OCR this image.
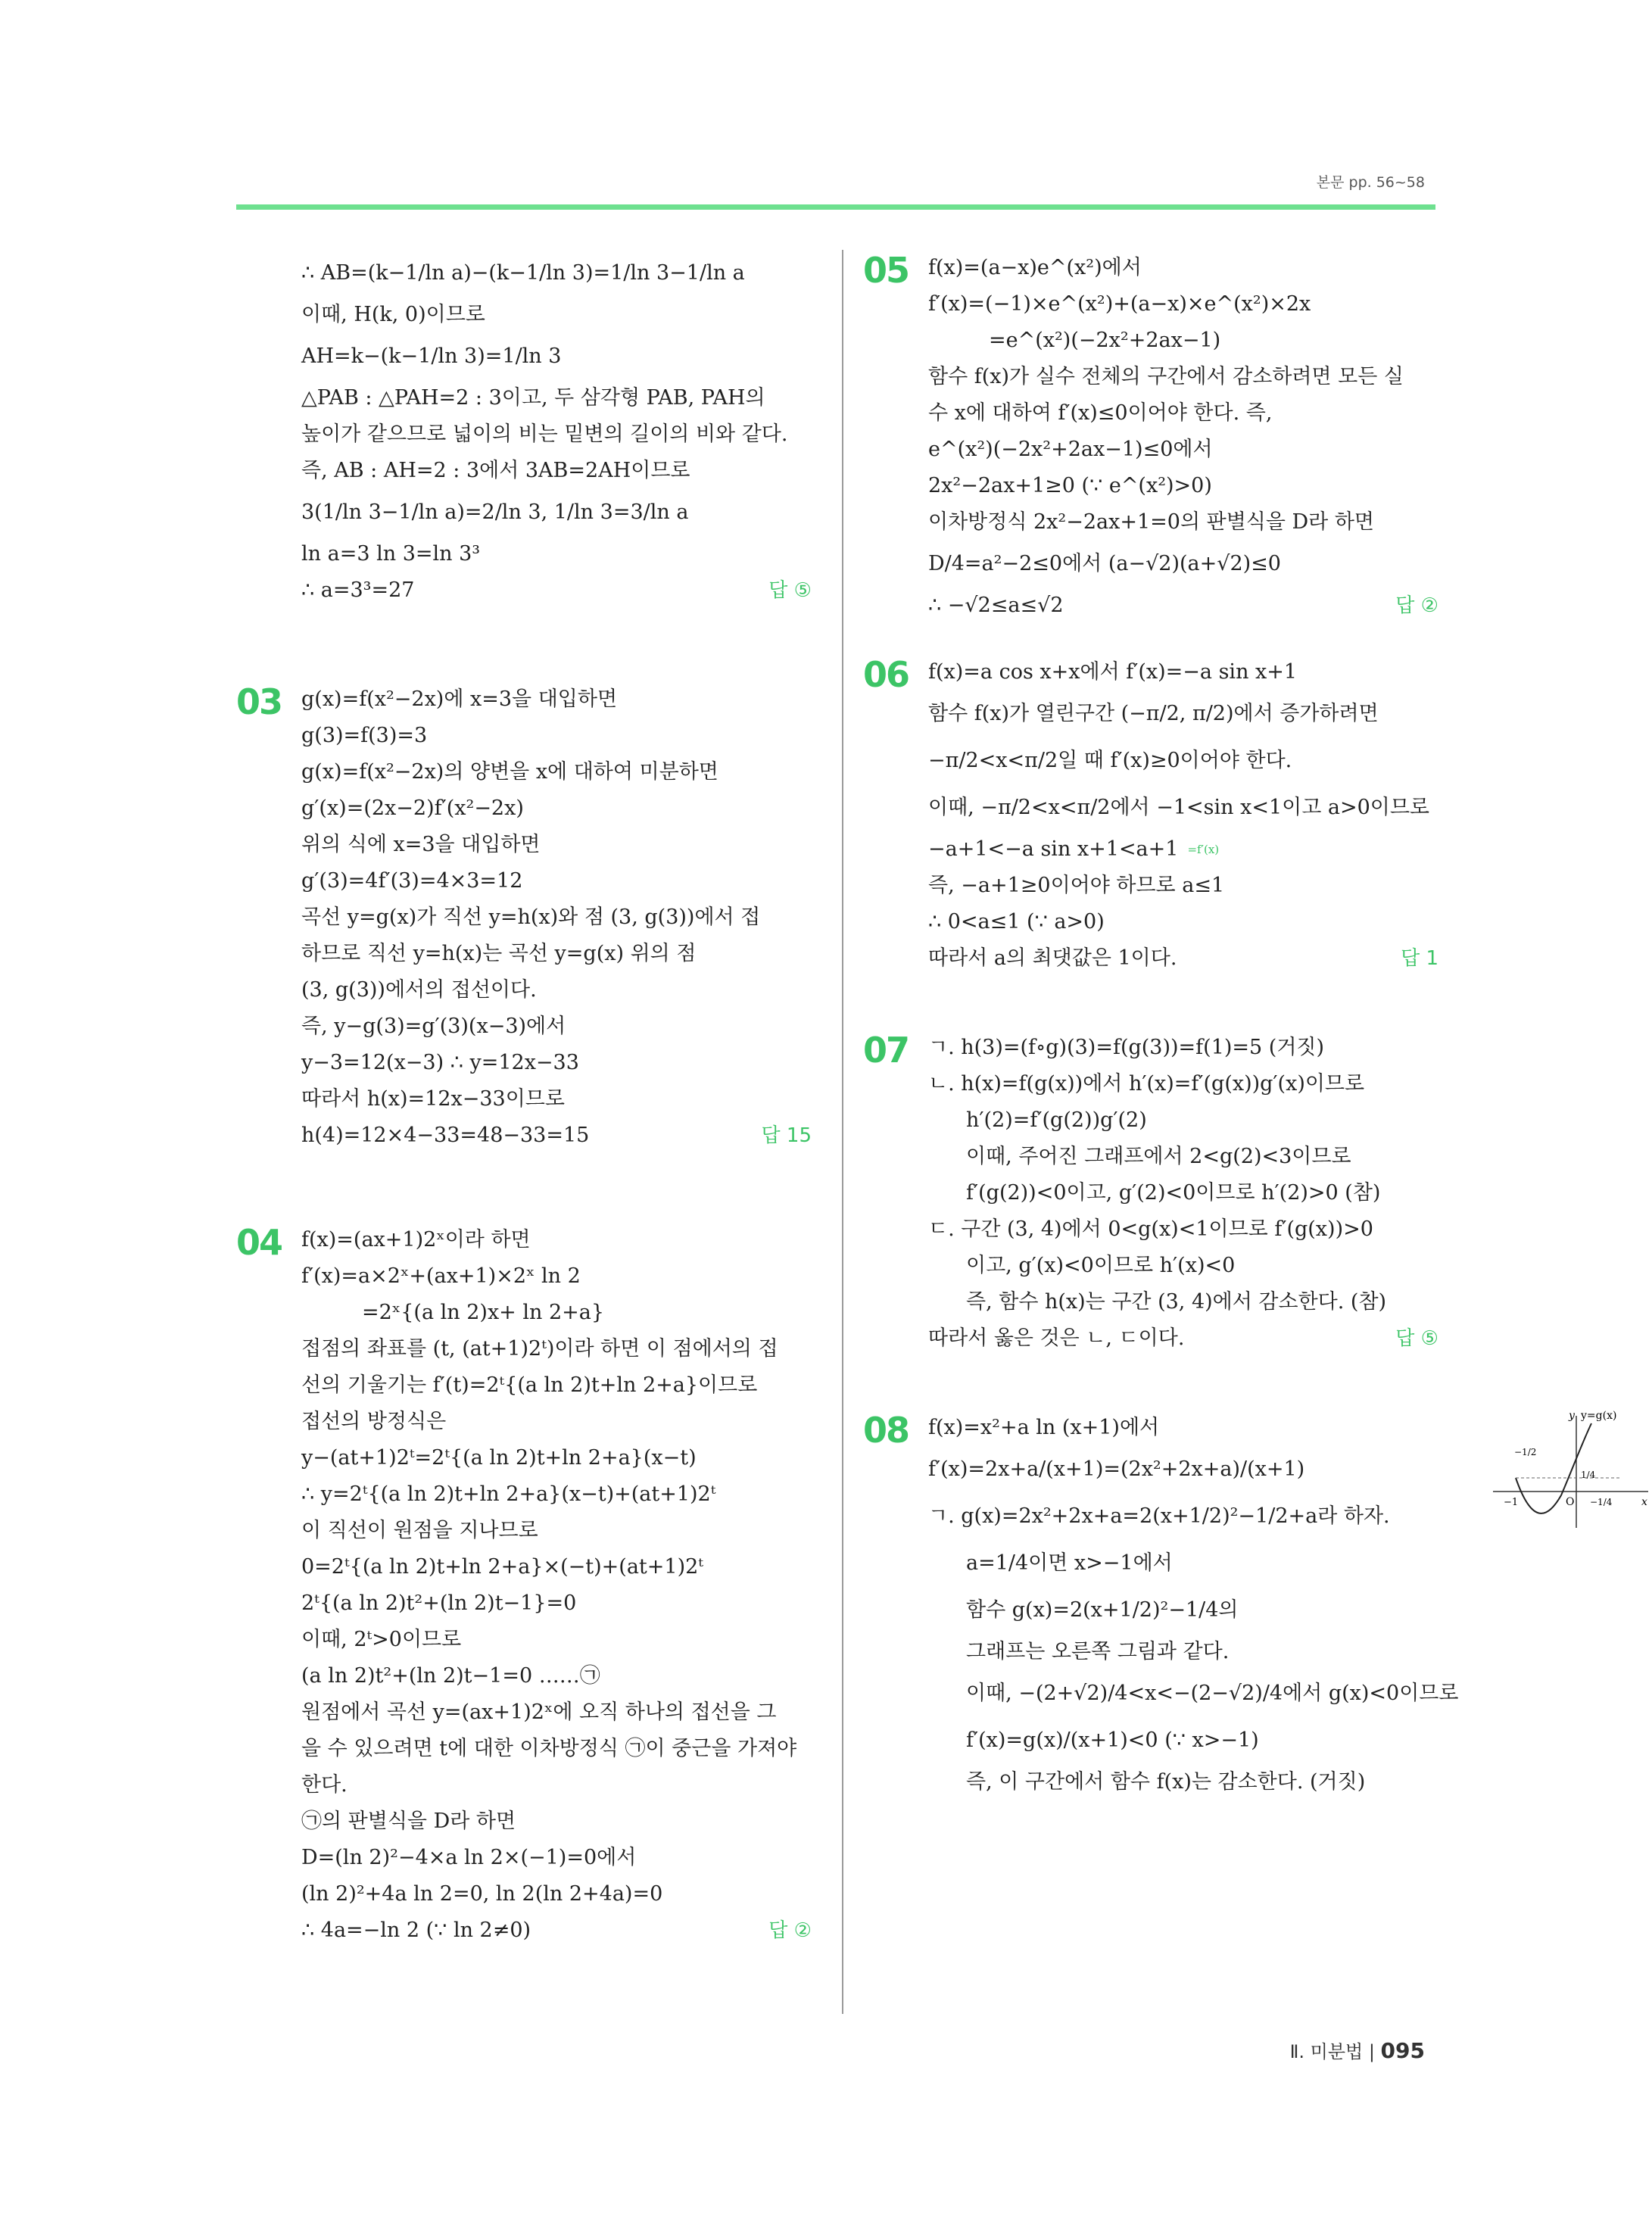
본문 pp. 56~58
∴ AB=(k−1/ln a)−(k−1/ln 3)=1/ln 3−1/ln a
이때, H(k, 0)이므로
AH=k−(k−1/ln 3)=1/ln 3
△PAB : △PAH=2 : 3이고, 두 삼각형 PAB, PAH의
높이가 같으므로 넓이의 비는 밑변의 길이의 비와 같다.
즉, AB : AH=2 : 3에서 3AB=2AH이므로
3(1/ln 3−1/ln a)=2/ln 3, 1/ln 3=3/ln a
ln a=3 ln 3=ln 3³
∴ a=3³=27	답 ⑤
03 g(x)=f(x²−2x)에 x=3을 대입하면
g(3)=f(3)=3
g(x)=f(x²−2x)의 양변을 x에 대하여 미분하면
g′(x)=(2x−2)f′(x²−2x)
위의 식에 x=3을 대입하면
g′(3)=4f′(3)=4×3=12
곡선 y=g(x)가 직선 y=h(x)와 점 (3, g(3))에서 접
하므로 직선 y=h(x)는 곡선 y=g(x) 위의 점
(3, g(3))에서의 접선이다.
즉, y−g(3)=g′(3)(x−3)에서
y−3=12(x−3) ∴ y=12x−33
따라서 h(x)=12x−33이므로
h(4)=12×4−33=48−33=15	답 15
04 f(x)=(ax+1)2ˣ이라 하면
f′(x)=a×2ˣ+(ax+1)×2ˣ ln 2
=2ˣ{(a ln 2)x+ ln 2+a}
접점의 좌표를 (t, (at+1)2ᵗ)이라 하면 이 점에서의 접
선의 기울기는 f′(t)=2ᵗ{(a ln 2)t+ln 2+a}이므로
접선의 방정식은
y−(at+1)2ᵗ=2ᵗ{(a ln 2)t+ln 2+a}(x−t)
∴ y=2ᵗ{(a ln 2)t+ln 2+a}(x−t)+(at+1)2ᵗ
이 직선이 원점을 지나므로
0=2ᵗ{(a ln 2)t+ln 2+a}×(−t)+(at+1)2ᵗ
2ᵗ{(a ln 2)t²+(ln 2)t−1}=0
이때, 2ᵗ>0이므로
(a ln 2)t²+(ln 2)t−1=0 ……㉠
원점에서 곡선 y=(ax+1)2ˣ에 오직 하나의 접선을 그
을 수 있으려면 t에 대한 이차방정식 ㉠이 중근을 가져야
한다.
㉠의 판별식을 D라 하면
D=(ln 2)²−4×a ln 2×(−1)=0에서
(ln 2)²+4a ln 2=0, ln 2(ln 2+4a)=0
∴ 4a=−ln 2 (∵ ln 2≠0)	답 ②
05 f(x)=(a−x)e^(x²)에서
f′(x)=(−1)×e^(x²)+(a−x)×e^(x²)×2x
=e^(x²)(−2x²+2ax−1)
함수 f(x)가 실수 전체의 구간에서 감소하려면 모든 실
수 x에 대하여 f′(x)≤0이어야 한다. 즉,
e^(x²)(−2x²+2ax−1)≤0에서
2x²−2ax+1≥0 (∵ e^(x²)>0)
이차방정식 2x²−2ax+1=0의 판별식을 D라 하면
D/4=a²−2≤0에서 (a−√2)(a+√2)≤0
∴ −√2≤a≤√2	답 ②
06 f(x)=a cos x+x에서 f′(x)=−a sin x+1
함수 f(x)가 열린구간 (−π/2, π/2)에서 증가하려면
−π/2<x<π/2일 때 f′(x)≥0이어야 한다.
이때, −π/2<x<π/2에서 −1<sin x<1이고 a>0이므로
−a+1<−a sin x+1<a+1 =f′(x)
즉, −a+1≥0이어야 하므로 a≤1
∴ 0<a≤1 (∵ a>0)
따라서 a의 최댓값은 1이다.	답 1
07 ㄱ. h(3)=(f∘g)(3)=f(g(3))=f(1)=5 (거짓)
ㄴ. h(x)=f(g(x))에서 h′(x)=f′(g(x))g′(x)이므로
h′(2)=f′(g(2))g′(2)
이때, 주어진 그래프에서 2<g(2)<3이므로
f′(g(2))<0이고, g′(2)<0이므로 h′(2)>0 (참)
ㄷ. 구간 (3, 4)에서 0<g(x)<1이므로 f′(g(x))>0
이고, g′(x)<0이므로 h′(x)<0
즉, 함수 h(x)는 구간 (3, 4)에서 감소한다. (참)
따라서 옳은 것은 ㄴ, ㄷ이다.	답 ⑤
08 f(x)=x²+a ln (x+1)에서
f′(x)=2x+a/(x+1)=(2x²+2x+a)/(x+1)
ㄱ. g(x)=2x²+2x+a=2(x+1/2)²−1/2+a라 하자.
a=1/4이면 x>−1에서
함수 g(x)=2(x+1/2)²−1/4의
그래프는 오른쪽 그림과 같다.
이때, −(2+√2)/4<x<−(2−√2)/4에서 g(x)<0이므로
f′(x)=g(x)/(x+1)<0 (∵ x>−1)
즉, 이 구간에서 함수 f(x)는 감소한다. (거짓)
y y=g(x)
x
O
−1
−1/2
1/4
−1/4
Ⅱ. 미분법 | 095
